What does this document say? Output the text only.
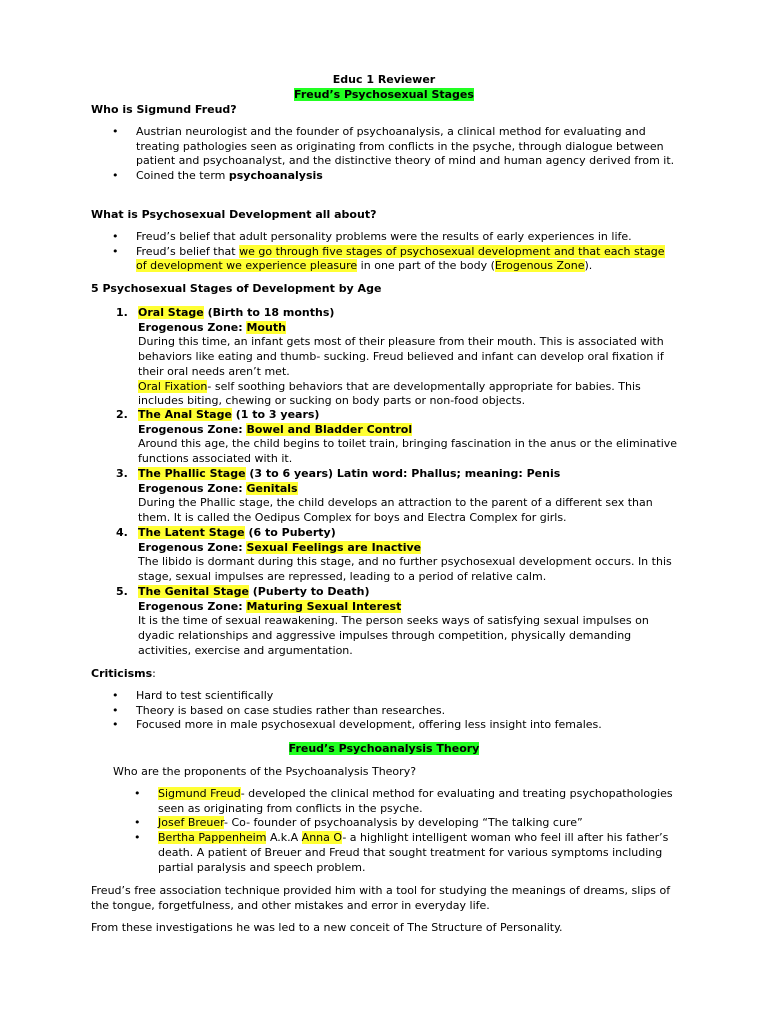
Educ 1 Reviewer
Freud’s Psychosexual Stages
Who is Sigmund Freud?
• Austrian neurologist and the founder of psychoanalysis, a clinical method for evaluating and treating pathologies seen as originating from conflicts in the psyche, through dialogue between patient and psychoanalyst, and the distinctive theory of mind and human agency derived from it.
• Coined the term psychoanalysis
What is Psychosexual Development all about?
• Freud’s belief that adult personality problems were the results of early experiences in life.
• Freud’s belief that we go through five stages of psychosexual development and that each stage of development we experience pleasure in one part of the body (Erogenous Zone).
5 Psychosexual Stages of Development by Age
1. Oral Stage (Birth to 18 months)

Erogenous Zone: Mouth

During this time, an infant gets most of their pleasure from their mouth. This is associated with behaviors like eating and thumb- sucking. Freud believed and infant can develop oral fixation if their oral needs aren’t met.

Oral Fixation- self soothing behaviors that are developmentally appropriate for babies. This includes biting, chewing or sucking on body parts or non-food objects.

2. The Anal Stage (1 to 3 years)

Erogenous Zone: Bowel and Bladder Control

Around this age, the child begins to toilet train, bringing fascination in the anus or the eliminative functions associated with it.

3. The Phallic Stage (3 to 6 years) Latin word: Phallus; meaning: Penis

Erogenous Zone: Genitals

During the Phallic stage, the child develops an attraction to the parent of a different sex than them. It is called the Oedipus Complex for boys and Electra Complex for girls.

4. The Latent Stage (6 to Puberty)

Erogenous Zone: Sexual Feelings are Inactive

The libido is dormant during this stage, and no further psychosexual development occurs. In this stage, sexual impulses are repressed, leading to a period of relative calm.

5. The Genital Stage (Puberty to Death)

Erogenous Zone: Maturing Sexual Interest

It is the time of sexual reawakening. The person seeks ways of satisfying sexual impulses on dyadic relationships and aggressive impulses through competition, physically demanding activities, exercise and argumentation.

Criticisms:
• Hard to test scientifically
• Theory is based on case studies rather than researches.
• Focused more in male psychosexual development, offering less insight into females.
Freud’s Psychoanalysis Theory
Who are the proponents of the Psychoanalysis Theory?
• Sigmund Freud- developed the clinical method for evaluating and treating psychopathologies seen as originating from conflicts in the psyche.
• Josef Breuer- Co- founder of psychoanalysis by developing “The talking cure”
• Bertha Pappenheim A.k.A Anna O- a highlight intelligent woman who feel ill after his father’s death. A patient of Breuer and Freud that sought treatment for various symptoms including partial paralysis and speech problem.
Freud’s free association technique provided him with a tool for studying the meanings of dreams, slips of the tongue, forgetfulness, and other mistakes and error in everyday life.
From these investigations he was led to a new conceit of The Structure of Personality.
